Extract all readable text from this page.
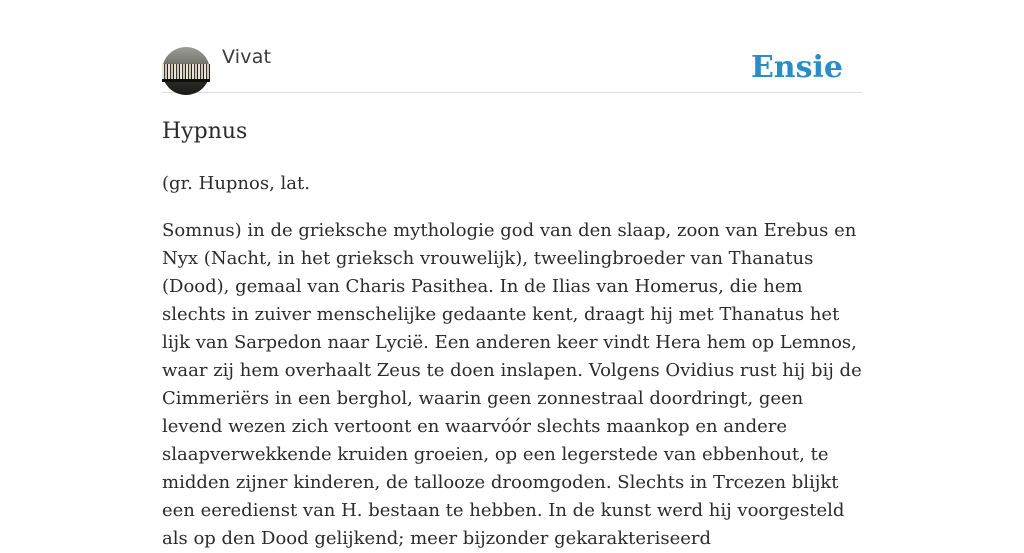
Vivat	Ensie
Hypnus

(gr. Hupnos, lat.

Somnus) in de grieksche mythologie god van den slaap, zoon van Erebus en Nyx (Nacht, in het grieksch vrouwelijk), tweelingbroeder van Thanatus (Dood), gemaal van Charis Pasithea. In de Ilias van Homerus, die hem slechts in zuiver menschelijke gedaante kent, draagt hij met Thanatus het lijk van Sarpedon naar Lycië. Een anderen keer vindt Hera hem op Lemnos, waar zij hem overhaalt Zeus te doen inslapen. Volgens Ovidius rust hij bij de Cimmeriërs in een berghol, waarin geen zonnestraal doordringt, geen levend wezen zich vertoont en waarvóór slechts maankop en andere slaapverwekkende kruiden groeien, op een legerstede van ebbenhout, te midden zijner kinderen, de tallooze droomgoden. Slechts in Trcezen blijkt een eeredienst van H. bestaan te hebben. In de kunst werd hij voorgesteld als op den Dood gelijkend; meer bijzonder gekarakteriseerd
